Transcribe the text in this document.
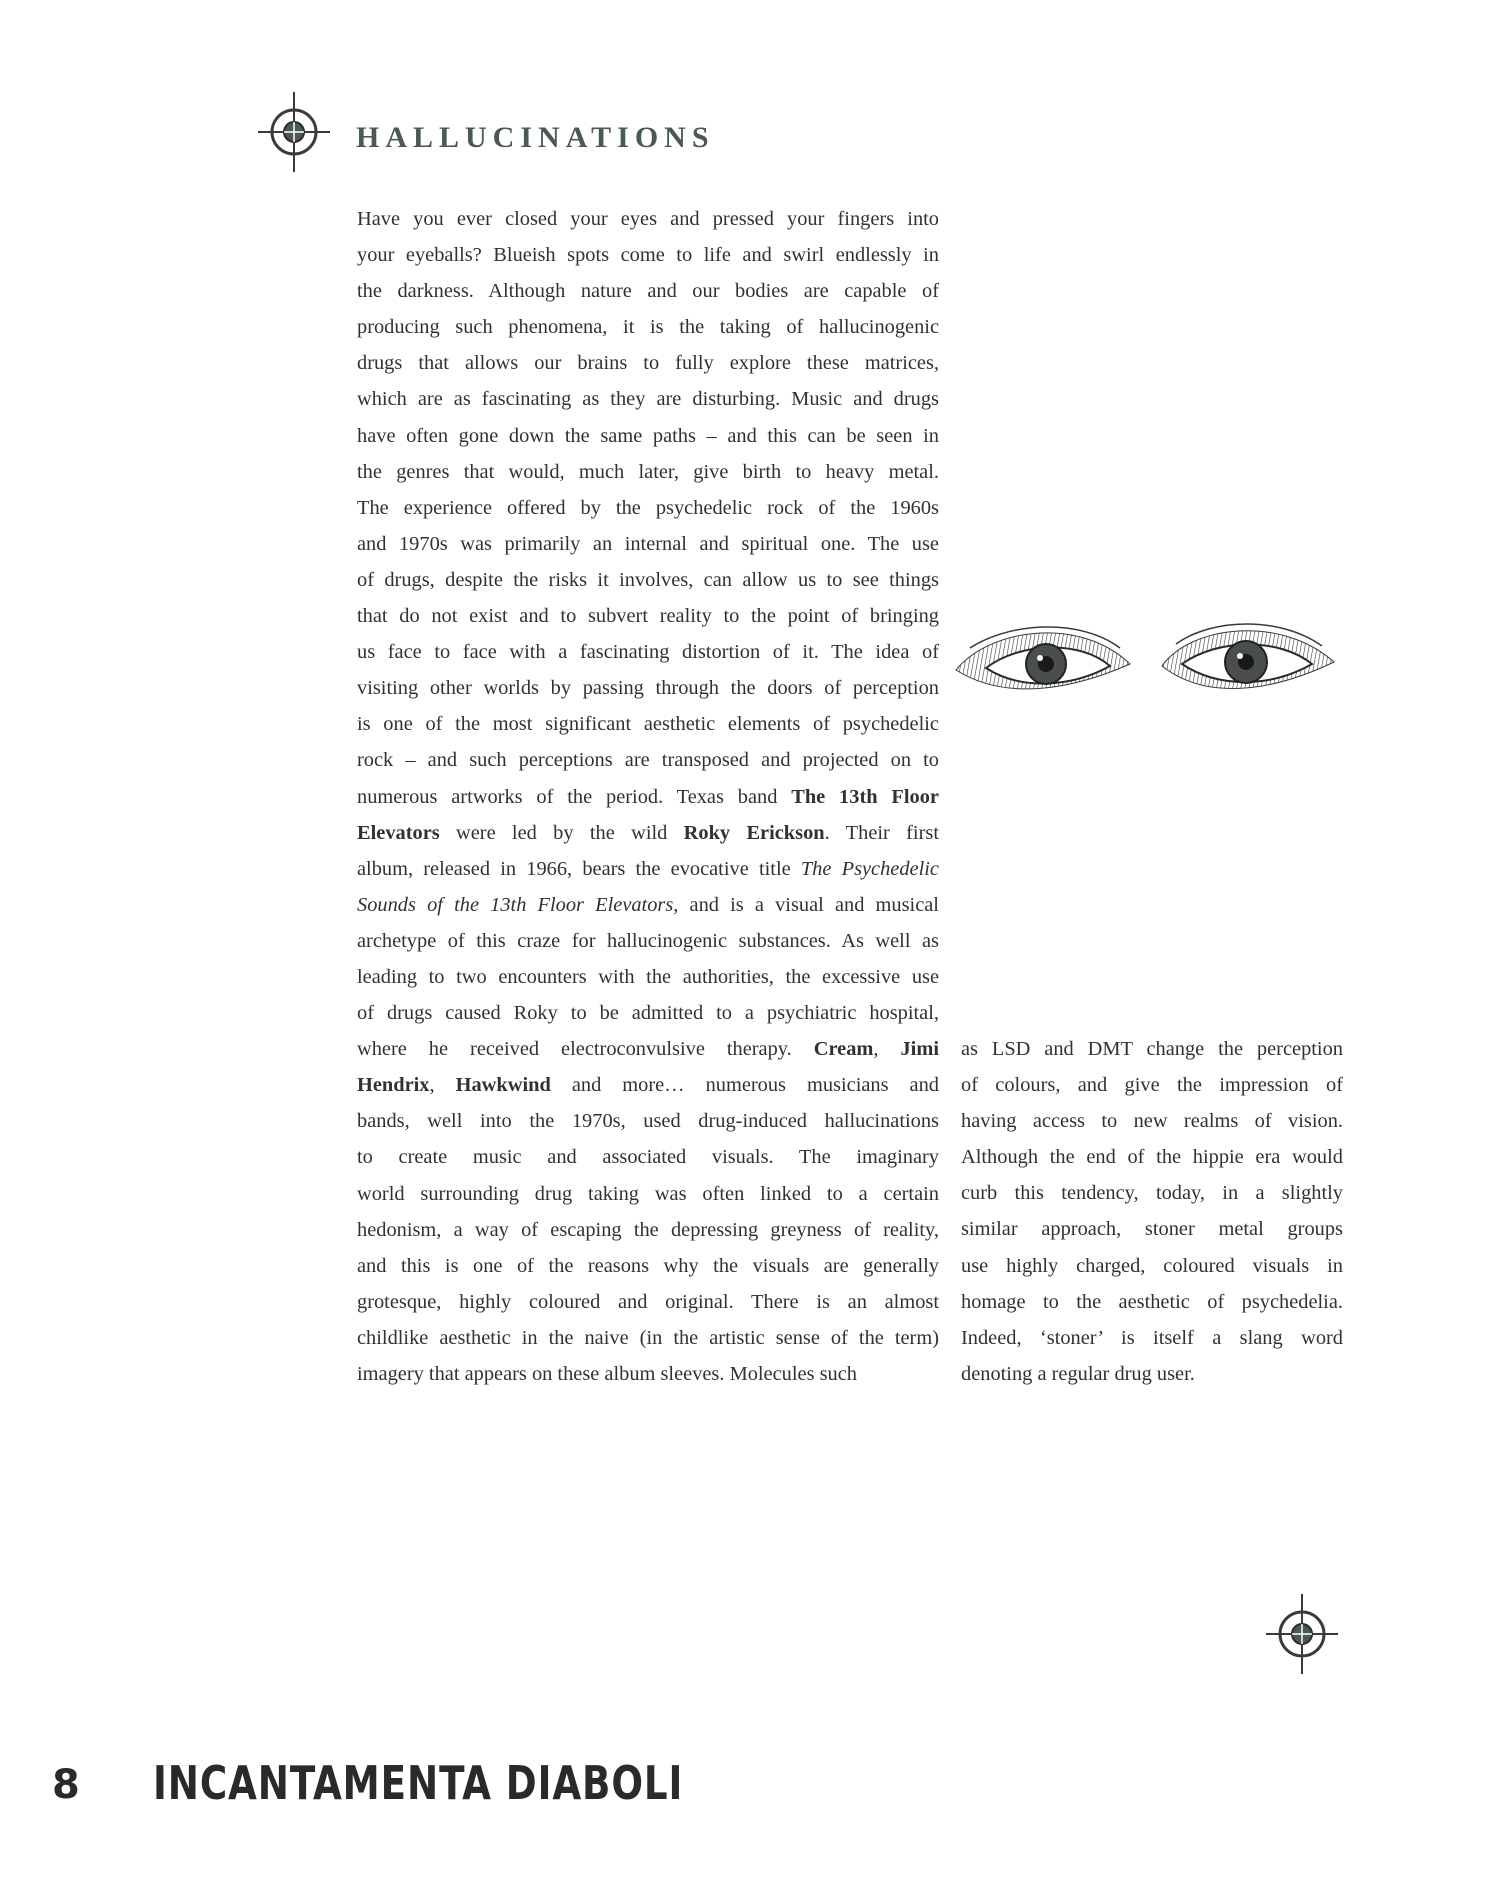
HALLUCINATIONS
Have you ever closed your eyes and pressed your fingers into
your eyeballs? Blueish spots come to life and swirl endlessly in
the darkness. Although nature and our bodies are capable of
producing such phenomena, it is the taking of hallucinogenic
drugs that allows our brains to fully explore these matrices,
which are as fascinating as they are disturbing. Music and drugs
have often gone down the same paths – and this can be seen in
the genres that would, much later, give birth to heavy metal.
The experience offered by the psychedelic rock of the 1960s
and 1970s was primarily an internal and spiritual one. The use
of drugs, despite the risks it involves, can allow us to see things
that do not exist and to subvert reality to the point of bringing
us face to face with a fascinating distortion of it. The idea of
visiting other worlds by passing through the doors of perception
is one of the most significant aesthetic elements of psychedelic
rock – and such perceptions are transposed and projected on to
numerous artworks of the period. Texas band The 13th Floor
Elevators were led by the wild Roky Erickson. Their first
album, released in 1966, bears the evocative title The Psychedelic
Sounds of the 13th Floor Elevators, and is a visual and musical
archetype of this craze for hallucinogenic substances. As well as
leading to two encounters with the authorities, the excessive use
of drugs caused Roky to be admitted to a psychiatric hospital,
where he received electroconvulsive therapy. Cream, Jimi
Hendrix, Hawkwind and more… numerous musicians and
bands, well into the 1970s, used drug-induced hallucinations
to create music and associated visuals. The imaginary
world surrounding drug taking was often linked to a certain
hedonism, a way of escaping the depressing greyness of reality,
and this is one of the reasons why the visuals are generally
grotesque, highly coloured and original. There is an almost
childlike aesthetic in the naive (in the artistic sense of the term)
imagery that appears on these album sleeves. Molecules such
as LSD and DMT change the perception
of colours, and give the impression of
having access to new realms of vision.
Although the end of the hippie era would
curb this tendency, today, in a slightly
similar approach, stoner metal groups
use highly charged, coloured visuals in
homage to the aesthetic of psychedelia.
Indeed, ‘stoner’ is itself a slang word
denoting a regular drug user.
8 INCANTAMENTA DIABOLI
